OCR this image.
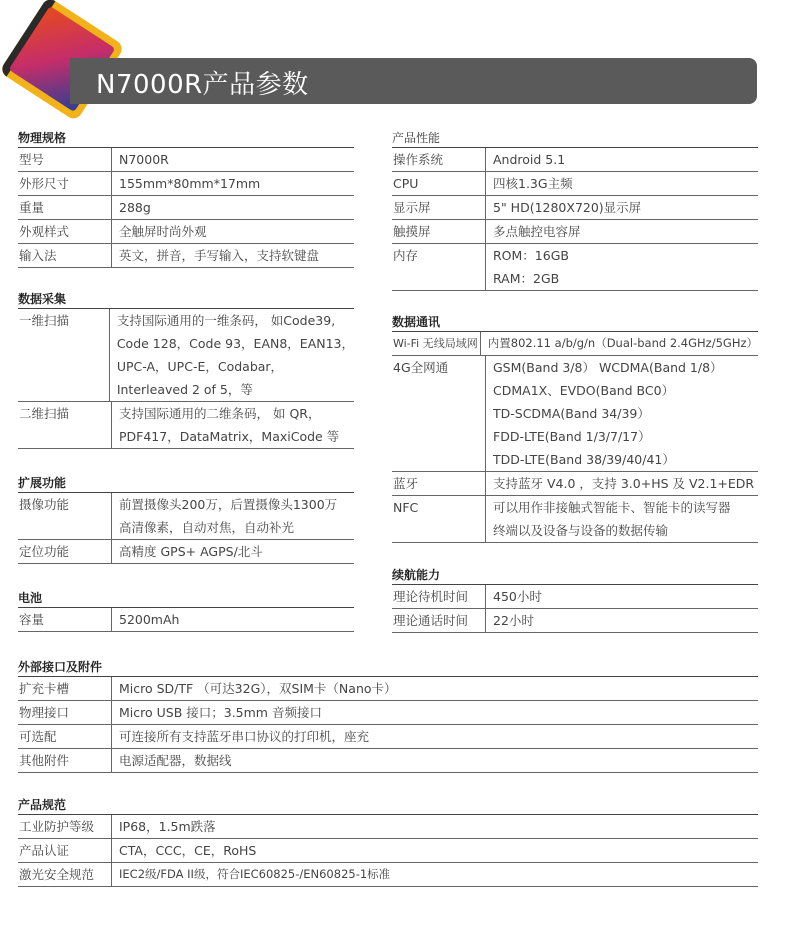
N7000R产品参数
物理规格
型号	N7000R
外形尺寸	155mm*80mm*17mm
重量	288g
外观样式	全触屏时尚外观
输入法	英文，拼音，手写输入，支持软键盘
数据采集
一维扫描	支持国际通用的一维条码， 如Code39,
Code 128，Code 93，EAN8，EAN13，
UPC-A，UPC-E，Codabar，
Interleaved 2 of 5，等
二维扫描	支持国际通用的二维条码， 如 QR，
PDF417，DataMatrix，MaxiCode 等
扩展功能
摄像功能	前置摄像头200万，后置摄像头1300万
高清像素，自动对焦，自动补光
定位功能	高精度 GPS+ AGPS/北斗
电池
容量	5200mAh
产品性能
操作系统	Android 5.1
CPU	四核1.3G主频
显示屏	5" HD(1280X720)显示屏
触摸屏	多点触控电容屏
内存	ROM：16GB
RAM：2GB
数据通讯
Wi-Fi 无线局域网 内置802.11 a/b/g/n（Dual-band 2.4GHz/5GHz）
4G全网通	GSM(Band 3/8） WCDMA(Band 1/8）
CDMA1X、EVDO(Band BC0）
TD-SCDMA(Band 34/39）
FDD-LTE(Band 1/3/7/17）
TDD-LTE(Band 38/39/40/41）
蓝牙	支持蓝牙 V4.0 ，支持 3.0+HS 及 V2.1+EDR
NFC	可以用作非接触式智能卡、智能卡的读写器
终端以及设备与设备的数据传输
续航能力
理论待机时间	450小时
理论通话时间	22小时
外部接口及附件
扩充卡槽	Micro SD/TF （可达32G），双SIM卡（Nano卡）
物理接口	Micro USB 接口；3.5mm 音频接口
可选配	可连接所有支持蓝牙串口协议的打印机，座充
其他附件	电源适配器，数据线
产品规范
工业防护等级	IP68，1.5m跌落
产品认证	CTA，CCC，CE，RoHS
激光安全规范	IEC2级/FDA II级，符合IEC60825-/EN60825-1标准
